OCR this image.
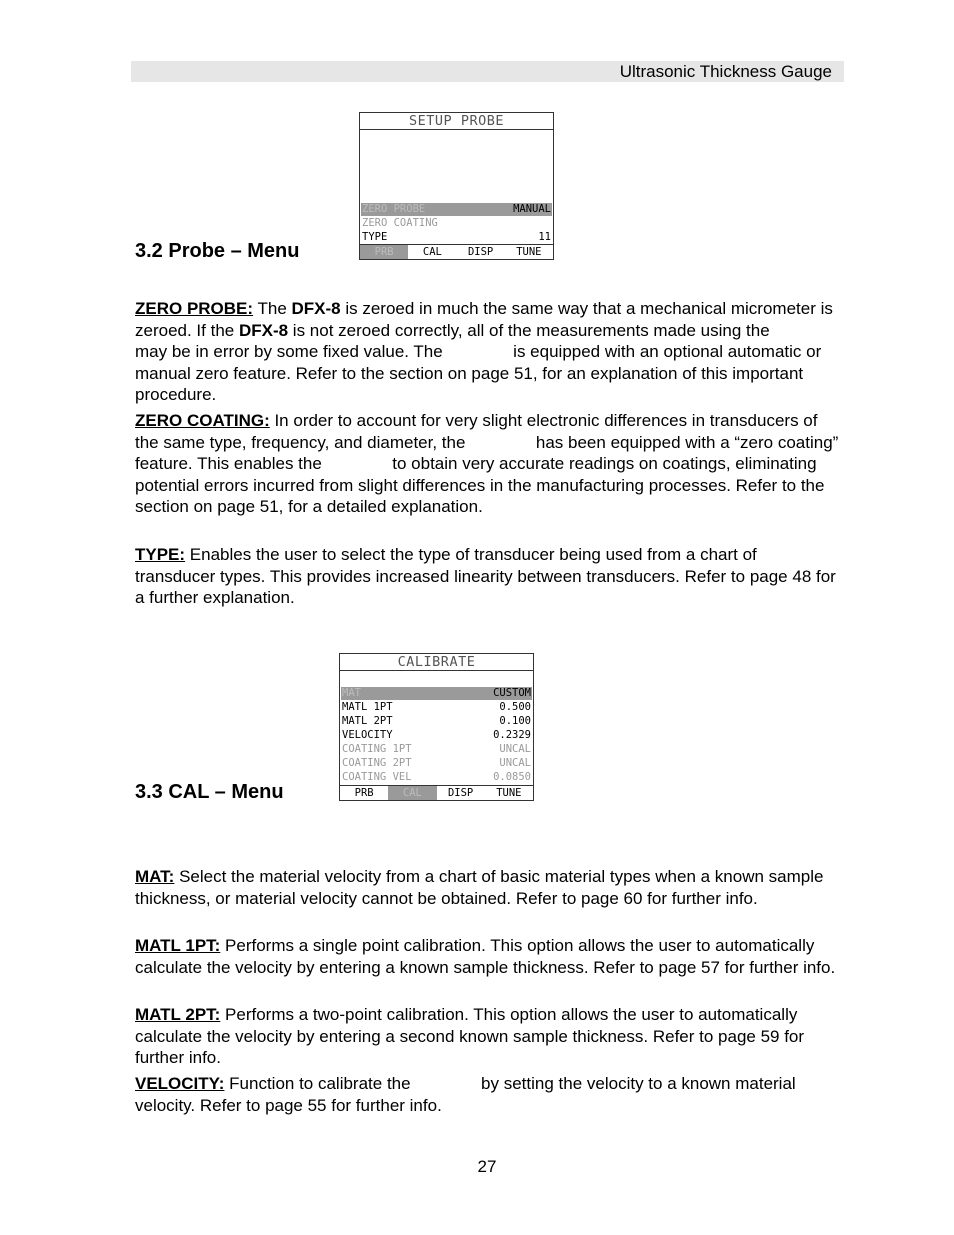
Ultrasonic Thickness Gauge
3.2 Probe – Menu
SETUP PROBE
ZERO PROBE	MANUAL
ZERO COATING
TYPE	11
PRB	CAL	DISP	TUNE
ZERO PROBE: The DFX-8 is zeroed in much the same way that a mechanical micrometer is zeroed. If the DFX-8 is not zeroed correctly, all of the measurements made using the  may be in error by some fixed value. The	is equipped with an optional automatic or manual zero feature. Refer to the section on page 51, for an explanation of this important procedure.
ZERO COATING: In order to account for very slight electronic differences in transducers of the same type, frequency, and diameter, the	has been equipped with a “zero coating” feature. This enables the	to obtain very accurate readings on coatings, eliminating potential errors incurred from slight differences in the manufacturing processes. Refer to the section on page 51, for a detailed explanation.
TYPE: Enables the user to select the type of transducer being used from a chart of transducer types. This provides increased linearity between transducers. Refer to page 48 for a further explanation.
3.3 CAL – Menu
CALIBRATE
MAT	CUSTOM
MATL 1PT	0.500
MATL 2PT	0.100
VELOCITY	0.2329
COATING 1PT	UNCAL
COATING 2PT	UNCAL
COATING VEL	0.0850
PRB	CAL	DISP	TUNE
MAT: Select the material velocity from a chart of basic material types when a known sample thickness, or material velocity cannot be obtained. Refer to page 60 for further info.
MATL 1PT: Performs a single point calibration. This option allows the user to automatically calculate the velocity by entering a known sample thickness. Refer to page 57 for further info.
MATL 2PT: Performs a two-point calibration. This option allows the user to automatically calculate the velocity by entering a second known sample thickness. Refer to page 59 for further info.
VELOCITY: Function to calibrate the	by setting the velocity to a known material velocity. Refer to page 55 for further info.
27
